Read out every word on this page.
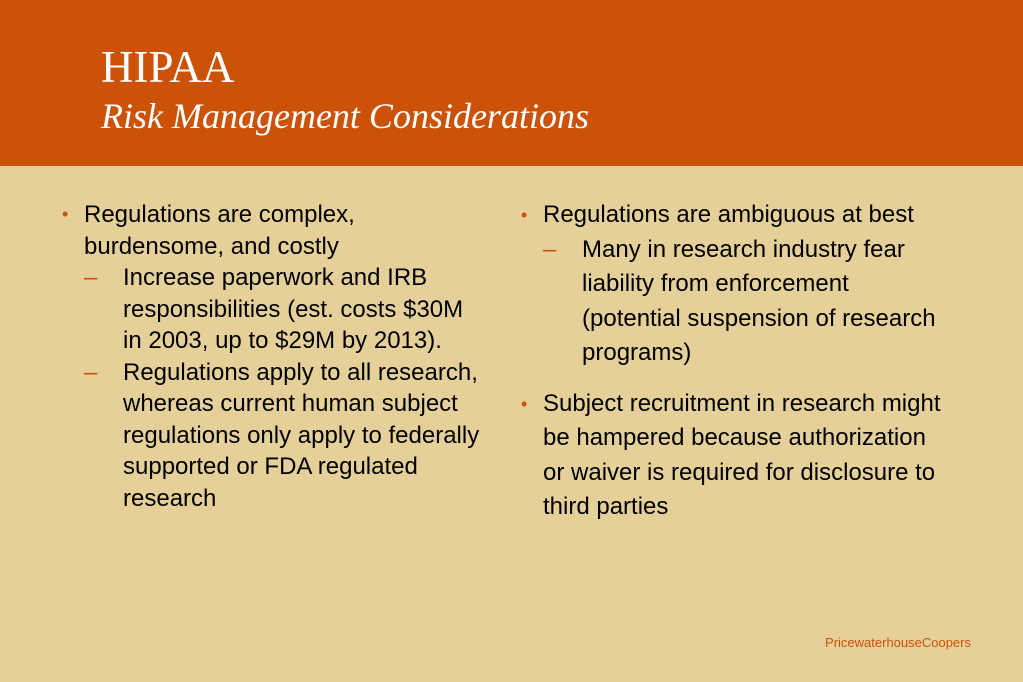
HIPAA
Risk Management Considerations
• Regulations are complex, burdensome, and costly
– Increase paperwork and IRB responsibilities (est. costs $30M in 2003, up to $29M by 2013).
– Regulations apply to all research, whereas current human subject regulations only apply to federally supported or FDA regulated research
• Regulations are ambiguous at best
– Many in research industry fear liability from enforcement (potential suspension of research programs)
• Subject recruitment in research might be hampered because authorization or waiver is required for disclosure to third parties
PricewaterhouseCoopers
